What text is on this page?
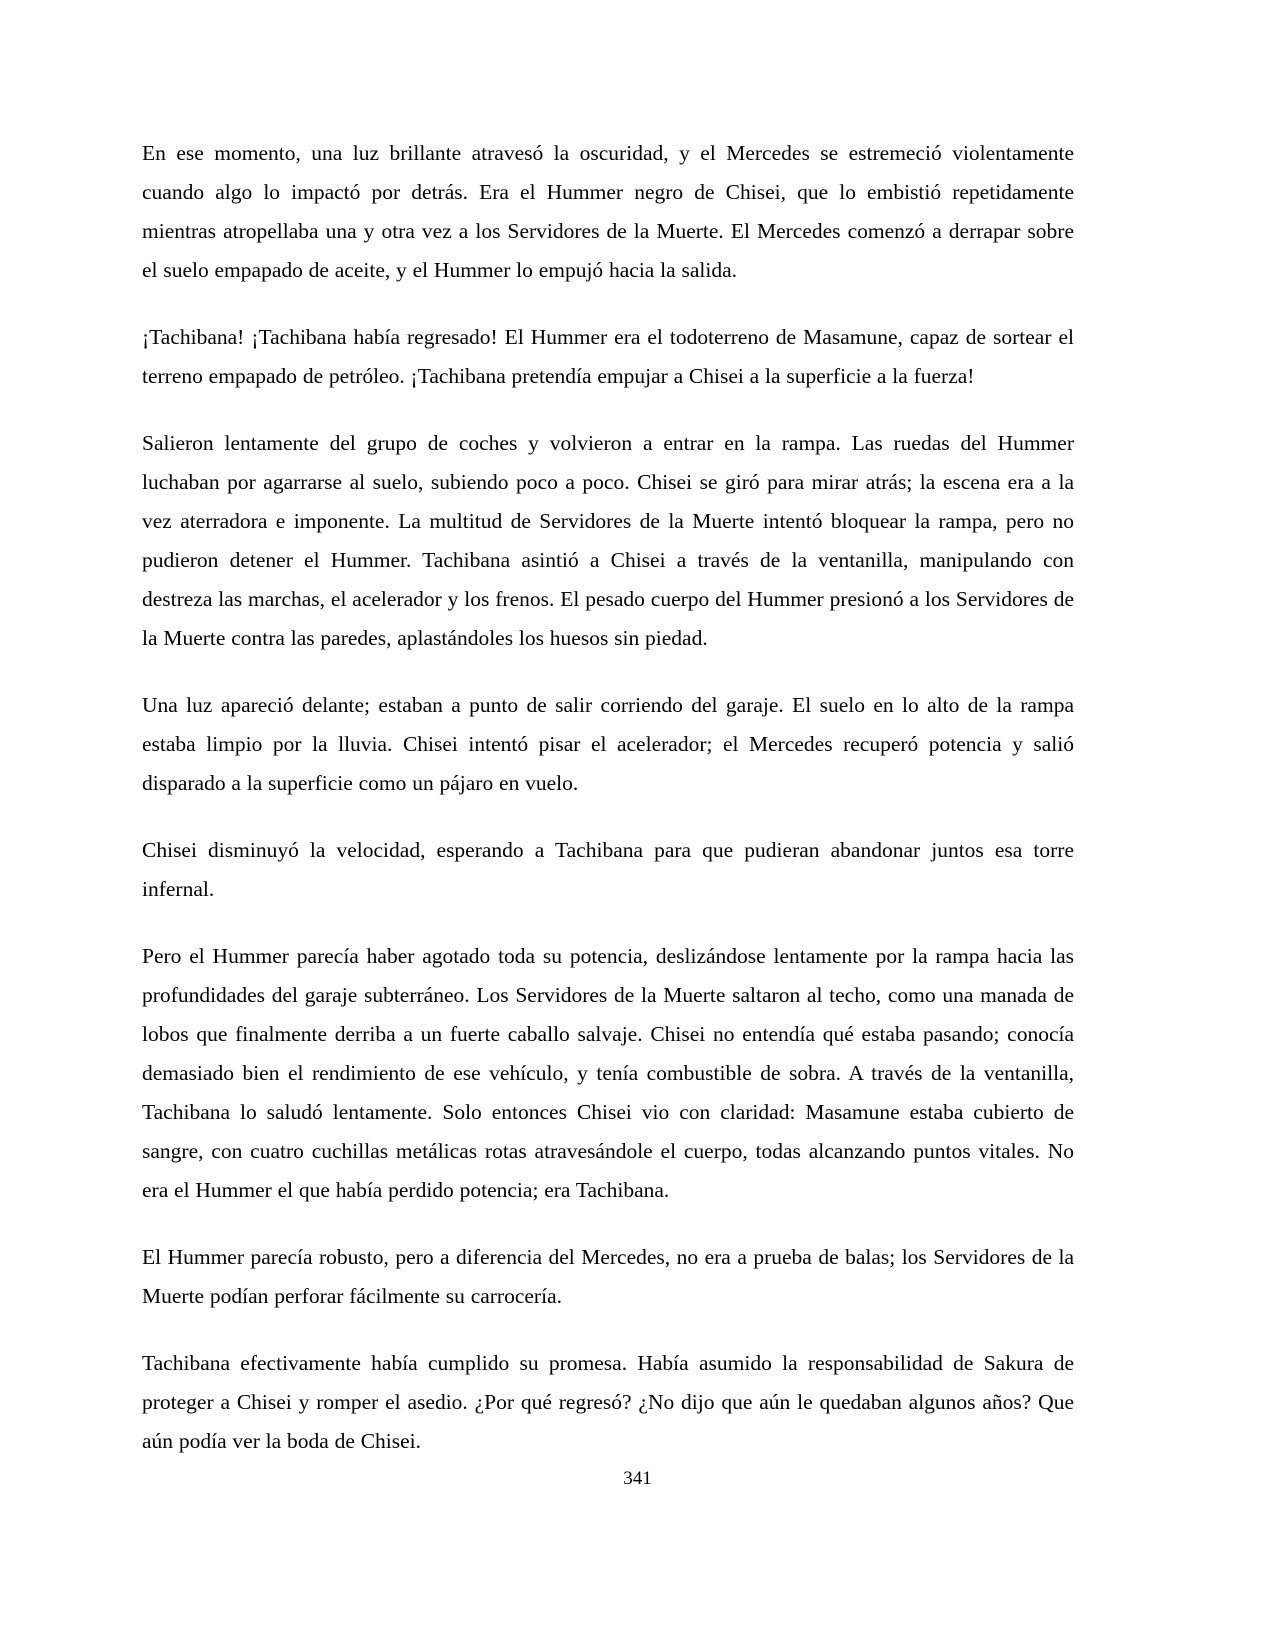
En ese momento, una luz brillante atravesó la oscuridad, y el Mercedes se estremeció violentamente cuando algo lo impactó por detrás. Era el Hummer negro de Chisei, que lo embistió repetidamente mientras atropellaba una y otra vez a los Servidores de la Muerte. El Mercedes comenzó a derrapar sobre el suelo empapado de aceite, y el Hummer lo empujó hacia la salida.

¡Tachibana! ¡Tachibana había regresado! El Hummer era el todoterreno de Masamune, capaz de sortear el terreno empapado de petróleo. ¡Tachibana pretendía empujar a Chisei a la superficie a la fuerza!

Salieron lentamente del grupo de coches y volvieron a entrar en la rampa. Las ruedas del Hummer luchaban por agarrarse al suelo, subiendo poco a poco. Chisei se giró para mirar atrás; la escena era a la vez aterradora e imponente. La multitud de Servidores de la Muerte intentó bloquear la rampa, pero no pudieron detener el Hummer. Tachibana asintió a Chisei a través de la ventanilla, manipulando con destreza las marchas, el acelerador y los frenos. El pesado cuerpo del Hummer presionó a los Servidores de la Muerte contra las paredes, aplastándoles los huesos sin piedad.

Una luz apareció delante; estaban a punto de salir corriendo del garaje. El suelo en lo alto de la rampa estaba limpio por la lluvia. Chisei intentó pisar el acelerador; el Mercedes recuperó potencia y salió disparado a la superficie como un pájaro en vuelo.

Chisei disminuyó la velocidad, esperando a Tachibana para que pudieran abandonar juntos esa torre infernal.

Pero el Hummer parecía haber agotado toda su potencia, deslizándose lentamente por la rampa hacia las profundidades del garaje subterráneo. Los Servidores de la Muerte saltaron al techo, como una manada de lobos que finalmente derriba a un fuerte caballo salvaje. Chisei no entendía qué estaba pasando; conocía demasiado bien el rendimiento de ese vehículo, y tenía combustible de sobra. A través de la ventanilla, Tachibana lo saludó lentamente. Solo entonces Chisei vio con claridad: Masamune estaba cubierto de sangre, con cuatro cuchillas metálicas rotas atravesándole el cuerpo, todas alcanzando puntos vitales. No era el Hummer el que había perdido potencia; era Tachibana.

El Hummer parecía robusto, pero a diferencia del Mercedes, no era a prueba de balas; los Servidores de la Muerte podían perforar fácilmente su carrocería.

Tachibana efectivamente había cumplido su promesa. Había asumido la responsabilidad de Sakura de proteger a Chisei y romper el asedio. ¿Por qué regresó? ¿No dijo que aún le quedaban algunos años? Que aún podía ver la boda de Chisei.

341
